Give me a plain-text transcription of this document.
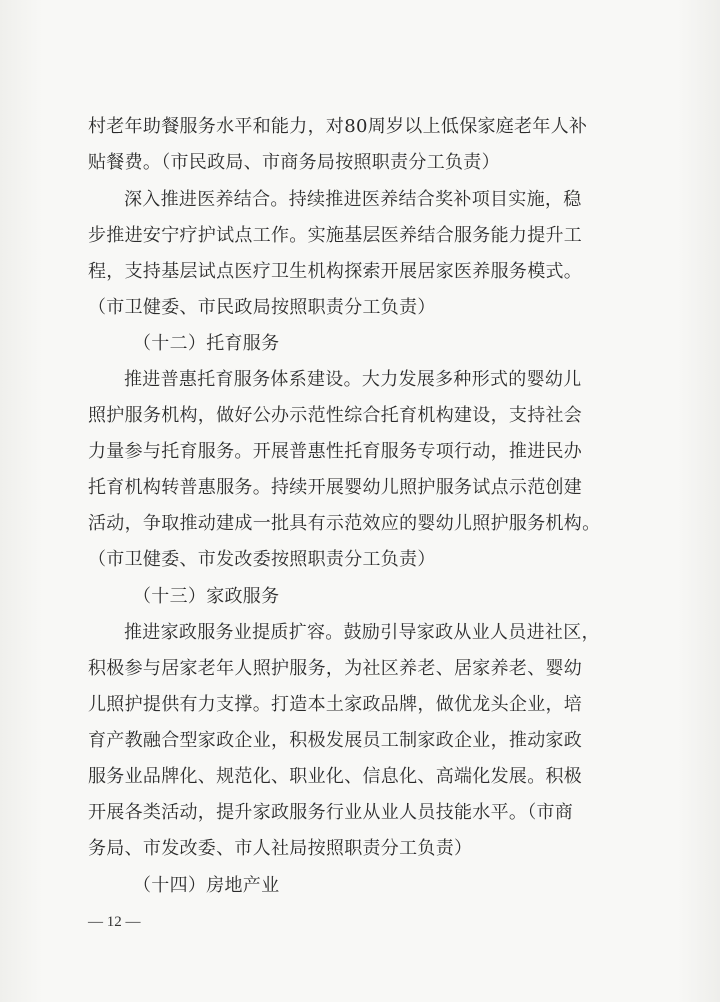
村老年助餐服务水平和能力，对80周岁以上低保家庭老年人补
贴餐费。（市民政局、市商务局按照职责分工负责）
深入推进医养结合。持续推进医养结合奖补项目实施，稳
步推进安宁疗护试点工作。实施基层医养结合服务能力提升工
程，支持基层试点医疗卫生机构探索开展居家医养服务模式。
（市卫健委、市民政局按照职责分工负责）
（十二）托育服务
推进普惠托育服务体系建设。大力发展多种形式的婴幼儿
照护服务机构，做好公办示范性综合托育机构建设，支持社会
力量参与托育服务。开展普惠性托育服务专项行动，推进民办
托育机构转普惠服务。持续开展婴幼儿照护服务试点示范创建
活动，争取推动建成一批具有示范效应的婴幼儿照护服务机构。
（市卫健委、市发改委按照职责分工负责）
（十三）家政服务
推进家政服务业提质扩容。鼓励引导家政从业人员进社区，
积极参与居家老年人照护服务，为社区养老、居家养老、婴幼
儿照护提供有力支撑。打造本土家政品牌，做优龙头企业，培
育产教融合型家政企业，积极发展员工制家政企业，推动家政
服务业品牌化、规范化、职业化、信息化、高端化发展。积极
开展各类活动，提升家政服务行业从业人员技能水平。（市商
务局、市发改委、市人社局按照职责分工负责）
（十四）房地产业
— 12 —
